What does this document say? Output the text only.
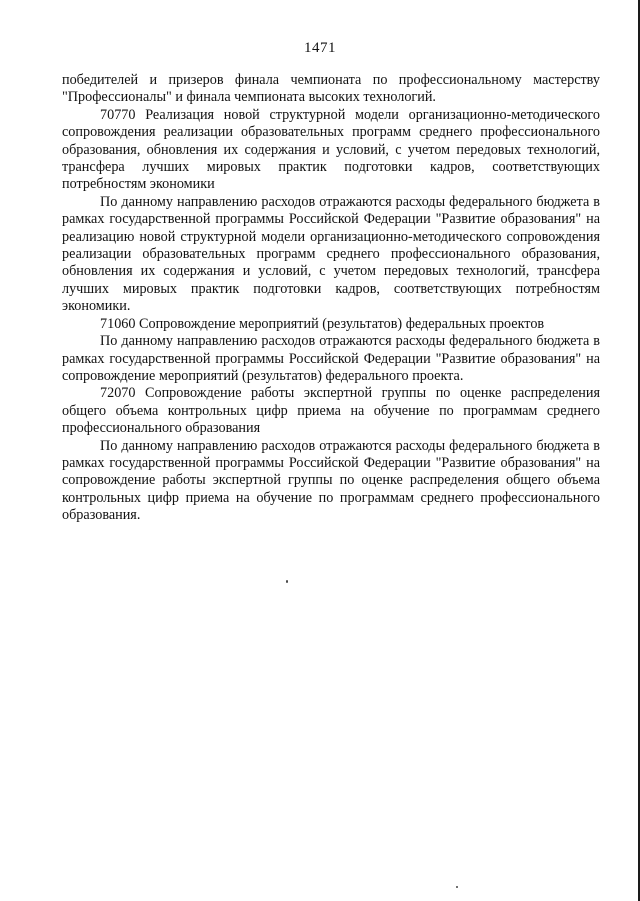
1471

победителей и призеров финала чемпионата по профессиональному мастерству "Профессионалы" и финала чемпионата высоких технологий.

70770 Реализация новой структурной модели организационно-методического сопровождения реализации образовательных программ среднего профессионального образования, обновления их содержания и условий, с учетом передовых технологий, трансфера лучших мировых практик подготовки кадров, соответствующих потребностям экономики

По данному направлению расходов отражаются расходы федерального бюджета в рамках государственной программы Российской Федерации "Развитие образования" на реализацию новой структурной модели организационно-методического сопровождения реализации образовательных программ среднего профессионального образования, обновления их содержания и условий, с учетом передовых технологий, трансфера лучших мировых практик подготовки кадров, соответствующих потребностям экономики.

71060 Сопровождение мероприятий (результатов) федеральных проектов

По данному направлению расходов отражаются расходы федерального бюджета в рамках государственной программы Российской Федерации "Развитие образования" на сопровождение мероприятий (результатов) федерального проекта.

72070 Сопровождение работы экспертной группы по оценке распределения общего объема контрольных цифр приема на обучение по программам среднего профессионального образования

По данному направлению расходов отражаются расходы федерального бюджета в рамках государственной программы Российской Федерации "Развитие образования" на сопровождение работы экспертной группы по оценке распределения общего объема контрольных цифр приема на обучение по программам среднего профессионального образования.
